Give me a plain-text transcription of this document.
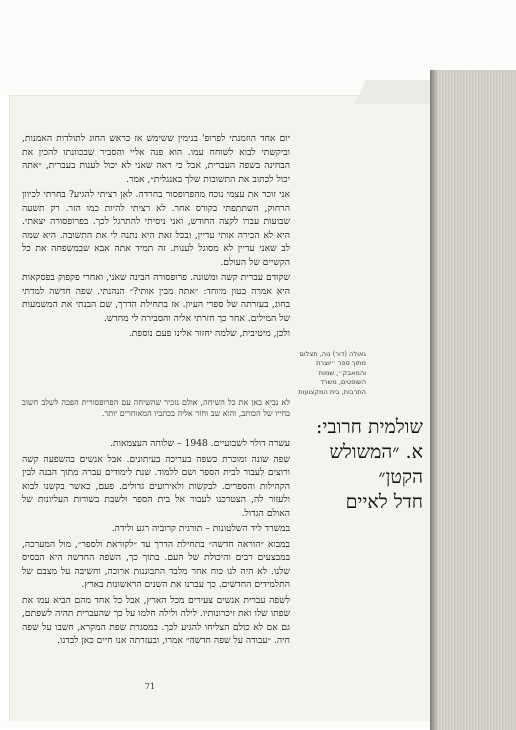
יום אחד הוזמנתי לפרופ' בנימין ששימש אז כראש החוג לתולדות האמנות, וביקשתי לבוא לשוחח עמו. הוא פנה אליי והסביר שבכוונתו להכין את הבחינה בשפה העברית, אבל כי ראה שאני לא יכול לענות בעברית, ״אתה יכול לכתוב את התשובות שלך באנגלית״, אמר.

אני זוכר את עצמי נוכח מהפרופסור בחרדה. לאן רציתי להגיע? בחרתי לכיוון הרחוק, השתתפתי בקורס אחר. לא רציתי להיות כמו הזר. רק תשעה שבועות עברו לקצה החודש, ואני ניסיתי להתרגל לכך. בפרופסורה יצאתי. היא לא הכירה אותי עדיין, ובכל זאת היא נתנה לי את התשובה. היא שמה לב שאני עדיין לא מסוגל לענות. זה תמיד אתה אבא שבמשפחה את כל הקשיים של העולם.

שקודם עברית קשה ומשונה. פרופסורה הבינה שאני, ואחרי פקפוק בפסקאות היא אמרה בטון מיוחד: ״אתה מבין אותי?״ הנהנתי. שפה חדשה למדתי בחוג, בעזרתה של ספרי העיון. אז בתחילת הדרך, שם הבנתי את המשמעות של המילים. אחר כך חזרתי אליה והסבירה לי מחדש.

ולכן, מיטיבית, שלמה יחזור אלינו פעם נוספת.

לא נביא כאן את כל השיחה, אולם נזכיר שהשיחה עם הפרופסורית הפכה לשלב חשוב בחייו של הכותב, והוא שב וחזר אליה בכתביו המאוחרים יותר.

עשרה דולר לשבועיים. 1948 – שלוחה העצמאות.

שפה שונה ומוכרת כשפה בעריכה בעיתונים. אבל אנשים בהשפעה קשה ורוצים לעבור לבית הספר ושם ללמוד. שנת לימודים עברה מתוך הבנה לבין הקהילות והספרים. לבקשות ולאירועים גדולים. פעם, כאשר בקשנו לבוא ולעזור לה, הצטרכנו לעבור אל בית הספר ולשבת בשורות העליונות של האולם הגדול.

במשרד ליד השלטונות – תורגית קרוביה רגע ולידה.

במבוא ״הוראה חדשה״ בתחילת הדרך עד ״לקוראת ולספר״, מול המערכה, במבצעים רבים והיכולת של העם. בתוך כך, השפה החדשה היא הבסיס שלנו. לא היה לנו כוח אחר מלבד התבוננות ארוכה, וחשיבה על מצבם של התלמידים החדשים. כך עברנו את השנים הראשונות בארץ.

לשפה עברית אנשים צעירים מכל הארץ, אבל כל אחד מהם הביא עמו את שפתו שלו ואת זיכרונותיו. לילה ולילה חלמו על כך שהעברית תהיה לשפתם, גם אם לא כולם הצליחו להגיע לכך. במסגרת שפת המקרא, חשבו על שפה חיה. ״עבודה על שפה חדשה״ אמרו, ובעזרתה אנו חיים כאן לבדנו.

גאולה (דור) נוה, תצלום מתוך ספר ״יוצרת והמאבק״, שמות השופטים, משרד התרבות, בית המקצועות
שולמית חרובי:
א. ״המשולש
הקטן״
חדל לאיים
71
